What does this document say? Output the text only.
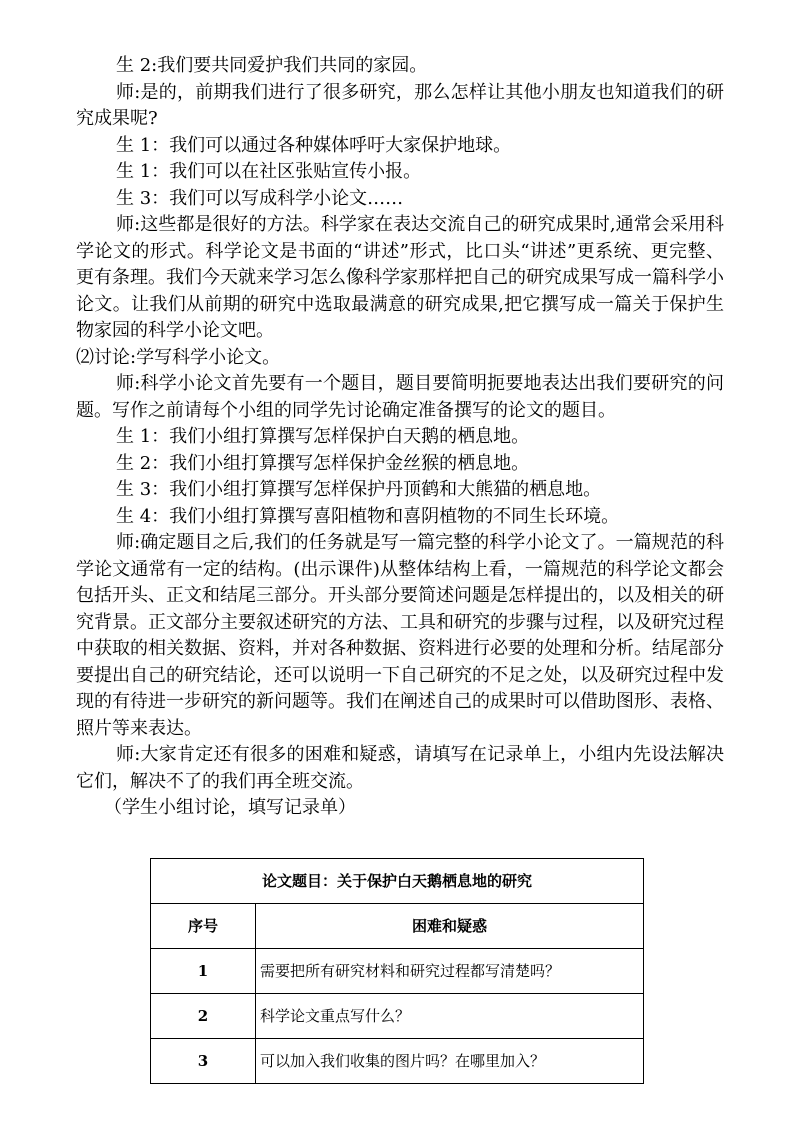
生 2:我们要共同爱护我们共同的家园。

师:是的，前期我们进行了很多研究，那么怎样让其他小朋友也知道我们的研究成果呢?

生 1：我们可以通过各种媒体呼吁大家保护地球。

生 1：我们可以在社区张贴宣传小报。

生 3：我们可以写成科学小论文……

师:这些都是很好的方法。科学家在表达交流自己的研究成果时,通常会采用科学论文的形式。科学论文是书面的“讲述”形式，比口头“讲述”更系统、更完整、更有条理。我们今天就来学习怎么像科学家那样把自己的研究成果写成一篇科学小论文。让我们从前期的研究中选取最满意的研究成果,把它撰写成一篇关于保护生物家园的科学小论文吧。

⑵讨论:学写科学小论文。

师:科学小论文首先要有一个题目，题目要简明扼要地表达出我们要研究的问题。写作之前请每个小组的同学先讨论确定准备撰写的论文的题目。

生 1：我们小组打算撰写怎样保护白天鹅的栖息地。

生 2：我们小组打算撰写怎样保护金丝猴的栖息地。

生 3：我们小组打算撰写怎样保护丹顶鹤和大熊猫的栖息地。

生 4：我们小组打算撰写喜阳植物和喜阴植物的不同生长环境。

师:确定题目之后,我们的任务就是写一篇完整的科学小论文了。一篇规范的科学论文通常有一定的结构。(出示课件)从整体结构上看，一篇规范的科学论文都会包括开头、正文和结尾三部分。开头部分要简述问题是怎样提出的，以及相关的研究背景。正文部分主要叙述研究的方法、工具和研究的步骤与过程，以及研究过程中获取的相关数据、资料，并对各种数据、资料进行必要的处理和分析。结尾部分要提出自己的研究结论，还可以说明一下自己研究的不足之处，以及研究过程中发现的有待进一步研究的新问题等。我们在阐述自己的成果时可以借助图形、表格、照片等来表达。

师:大家肯定还有很多的困难和疑惑，请填写在记录单上，小组内先设法解决它们，解决不了的我们再全班交流。

（学生小组讨论，填写记录单）

论文题目：关于保护白天鹅栖息地的研究	
序号	困难和疑惑
1	需要把所有研究材料和研究过程都写清楚吗？
2	科学论文重点写什么？
3	可以加入我们收集的图片吗？在哪里加入？
